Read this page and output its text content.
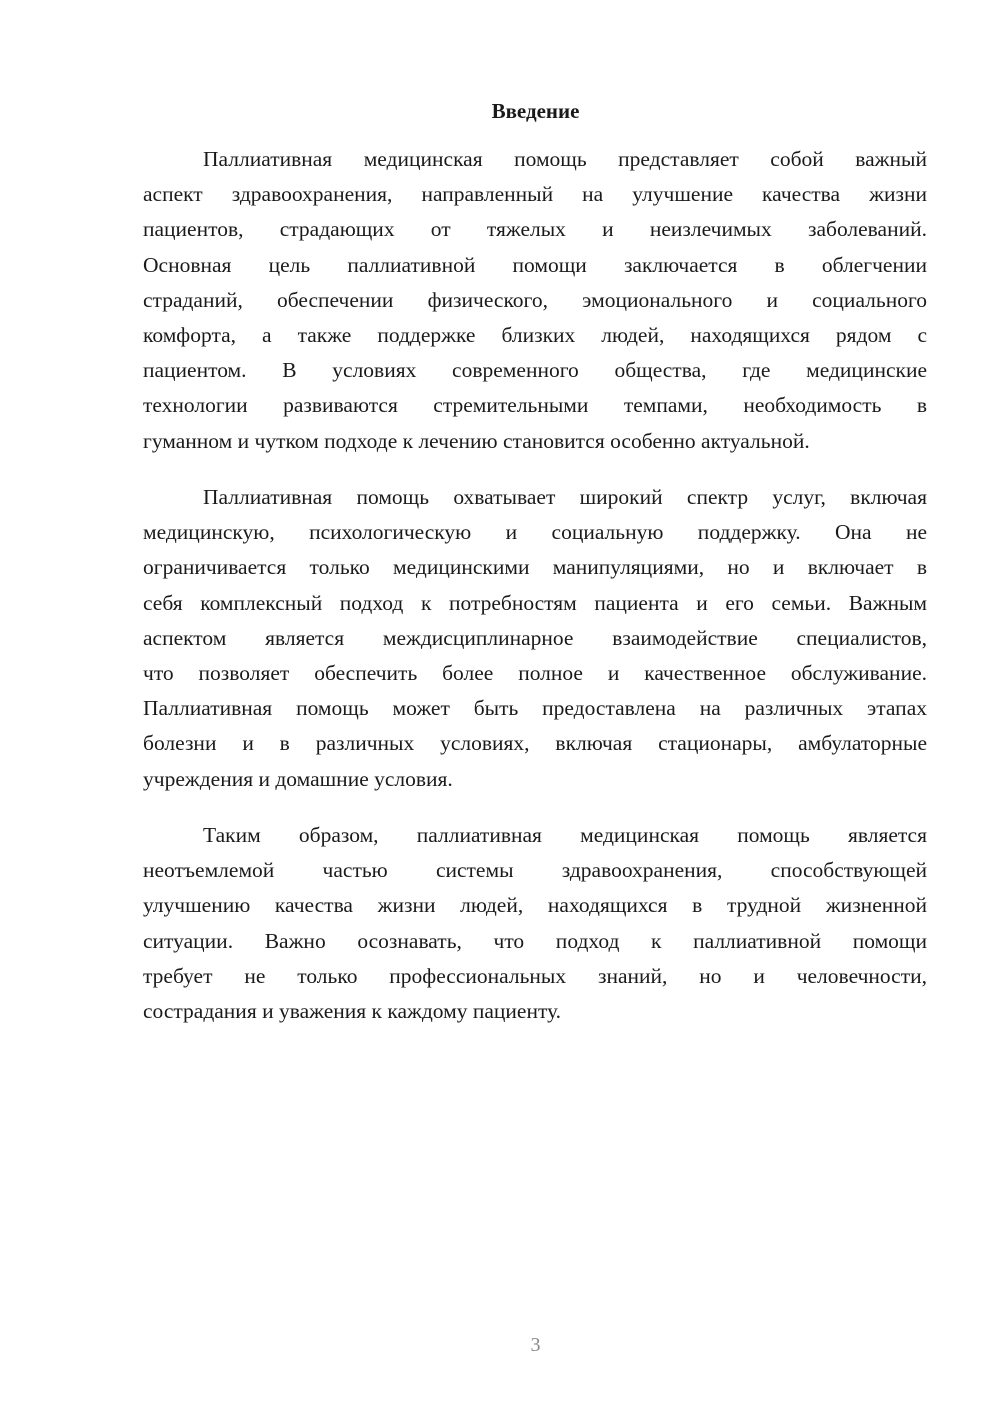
Введение
Паллиативная медицинская помощь представляет собой важный
аспект здравоохранения, направленный на улучшение качества жизни
пациентов, страдающих от тяжелых и неизлечимых заболеваний.
Основная цель паллиативной помощи заключается в облегчении
страданий, обеспечении физического, эмоционального и социального
комфорта, а также поддержке близких людей, находящихся рядом с
пациентом. В условиях современного общества, где медицинские
технологии развиваются стремительными темпами, необходимость в
гуманном и чутком подходе к лечению становится особенно актуальной.
Паллиативная помощь охватывает широкий спектр услуг, включая
медицинскую, психологическую и социальную поддержку. Она не
ограничивается только медицинскими манипуляциями, но и включает в
себя комплексный подход к потребностям пациента и его семьи. Важным
аспектом является междисциплинарное взаимодействие специалистов,
что позволяет обеспечить более полное и качественное обслуживание.
Паллиативная помощь может быть предоставлена на различных этапах
болезни и в различных условиях, включая стационары, амбулаторные
учреждения и домашние условия.
Таким образом, паллиативная медицинская помощь является
неотъемлемой частью системы здравоохранения, способствующей
улучшению качества жизни людей, находящихся в трудной жизненной
ситуации. Важно осознавать, что подход к паллиативной помощи
требует не только профессиональных знаний, но и человечности,
сострадания и уважения к каждому пациенту.
3
